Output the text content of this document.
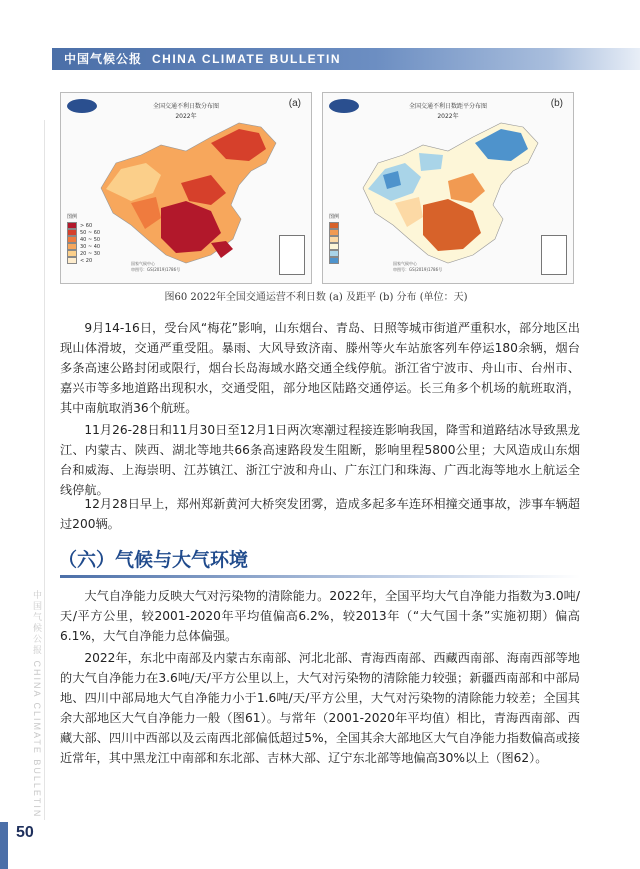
中国气候公报 CHINA CLIMATE BULLETIN
(a)
全国交通不利日数分布图
2022年
图例
> 60
50 ~ 60
40 ~ 50
30 ~ 40
20 ~ 30
< 20	国家气候中心
审图号：GS(2019)1786号
(b)
全国交通不利日数距平分布图
2022年
图例
国家气候中心
审图号：GS(2019)1786号
图60 2022年全国交通运营不利日数 (a) 及距平 (b) 分布 (单位：天)

9月14-16日，受台风“梅花”影响，山东烟台、青岛、日照等城市街道严重积水，部分地区出现山体滑坡，交通严重受阻。暴雨、大风导致济南、滕州等火车站旅客列车停运180余辆，烟台多条高速公路封闭或限行，烟台长岛海域水路交通全线停航。浙江省宁波市、舟山市、台州市、嘉兴市等多地道路出现积水，交通受阻，部分地区陆路交通停运。长三角多个机场的航班取消，其中南航取消36个航班。

11月26-28日和11月30日至12月1日两次寒潮过程接连影响我国，降雪和道路结冰导致黑龙江、内蒙古、陕西、湖北等地共66条高速路段发生阻断，影响里程5800公里；大风造成山东烟台和威海、上海崇明、江苏镇江、浙江宁波和舟山、广东江门和珠海、广西北海等地水上航运全线停航。

12月28日早上，郑州郑新黄河大桥突发团雾，造成多起多车连环相撞交通事故，涉事车辆超过200辆。

（六）气候与大气环境

大气自净能力反映大气对污染物的清除能力。2022年，全国平均大气自净能力指数为3.0吨/天/平方公里，较2001-2020年平均值偏高6.2%，较2013年（“大气国十条”实施初期）偏高6.1%，大气自净能力总体偏强。

2022年，东北中南部及内蒙古东南部、河北北部、青海西南部、西藏西南部、海南西部等地的大气自净能力在3.6吨/天/平方公里以上，大气对污染物的清除能力较强；新疆西南部和中部局地、四川中部局地大气自净能力小于1.6吨/天/平方公里，大气对污染物的清除能力较差；全国其余大部地区大气自净能力一般（图61）。与常年（2001-2020年平均值）相比，青海西南部、西藏大部、四川中西部以及云南西北部偏低超过5%，全国其余大部地区大气自净能力指数偏高或接近常年，其中黑龙江中南部和东北部、吉林大部、辽宁东北部等地偏高30%以上（图62）。

中国气候公报 CHINA CLIMATE BULLETIN
50
